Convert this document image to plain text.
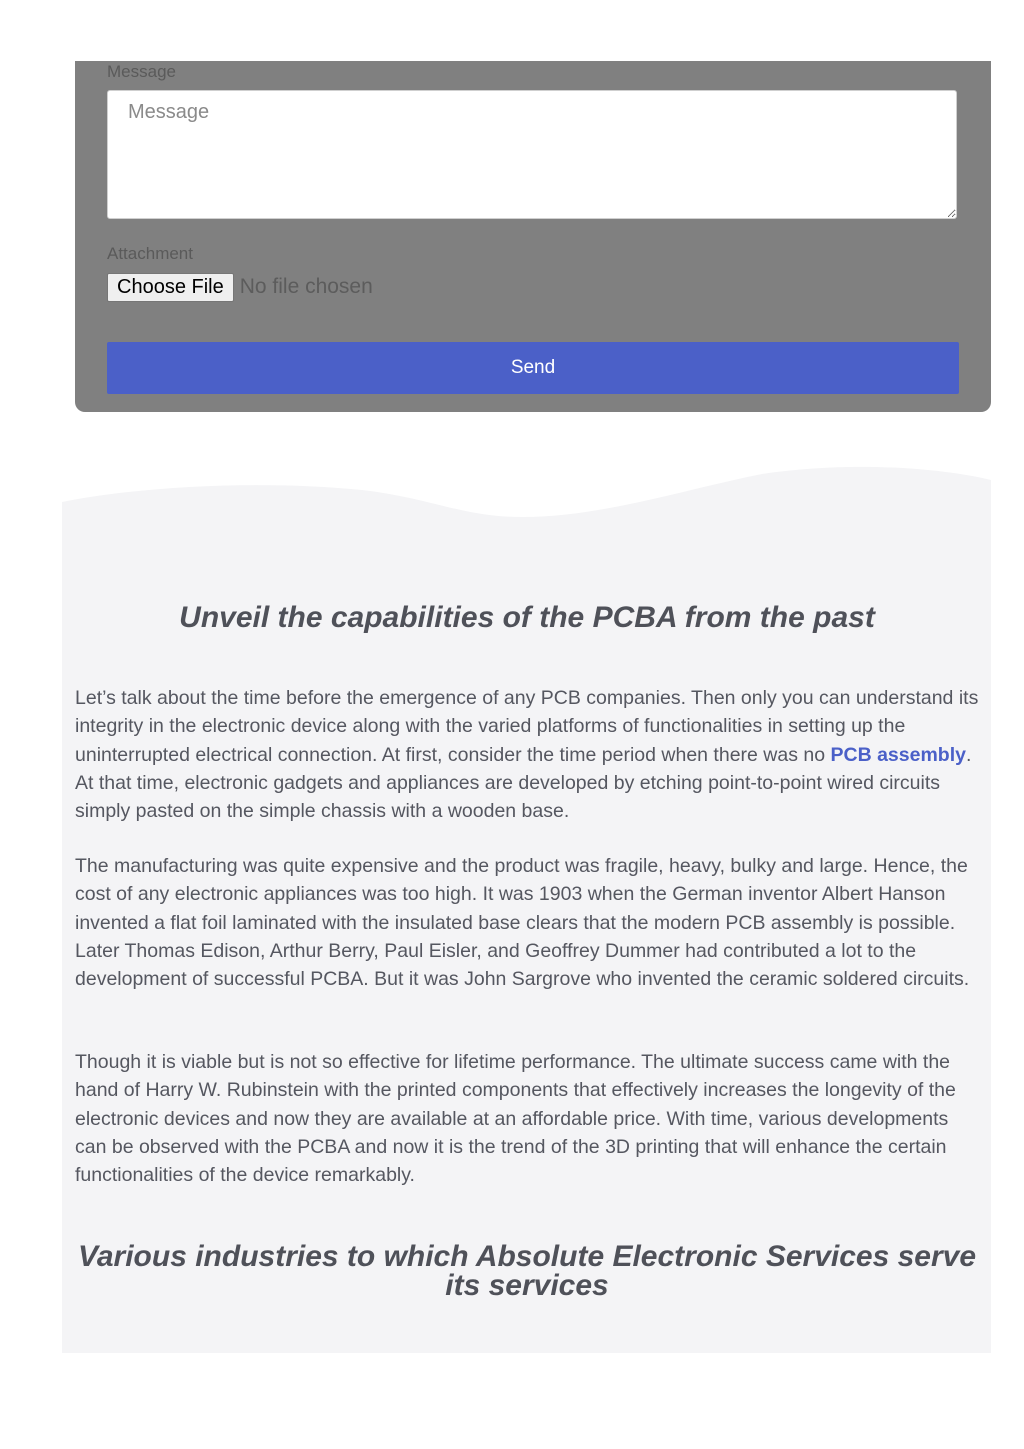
Message
Message
Attachment
Choose File No file chosen
Send
Unveil the capabilities of the PCBA from the past

Let’s talk about the time before the emergence of any PCB companies. Then only you can understand its integrity in the electronic device along with the varied platforms of functionalities in setting up the uninterrupted electrical connection. At first, consider the time period when there was no PCB assembly. At that time, electronic gadgets and appliances are developed by etching point-to-point wired circuits simply pasted on the simple chassis with a wooden base.

The manufacturing was quite expensive and the product was fragile, heavy, bulky and large. Hence, the cost of any electronic appliances was too high. It was 1903 when the German inventor Albert Hanson invented a flat foil laminated with the insulated base clears that the modern PCB assembly is possible. Later Thomas Edison, Arthur Berry, Paul Eisler, and Geoffrey Dummer had contributed a lot to the development of successful PCBA. But it was John Sargrove who invented the ceramic soldered circuits.

Though it is viable but is not so effective for lifetime performance. The ultimate success came with the hand of Harry W. Rubinstein with the printed components that effectively increases the longevity of the electronic devices and now they are available at an affordable price. With time, various developments can be observed with the PCBA and now it is the trend of the 3D printing that will enhance the certain functionalities of the device remarkably.

Various industries to which Absolute Electronic Services serve its services
